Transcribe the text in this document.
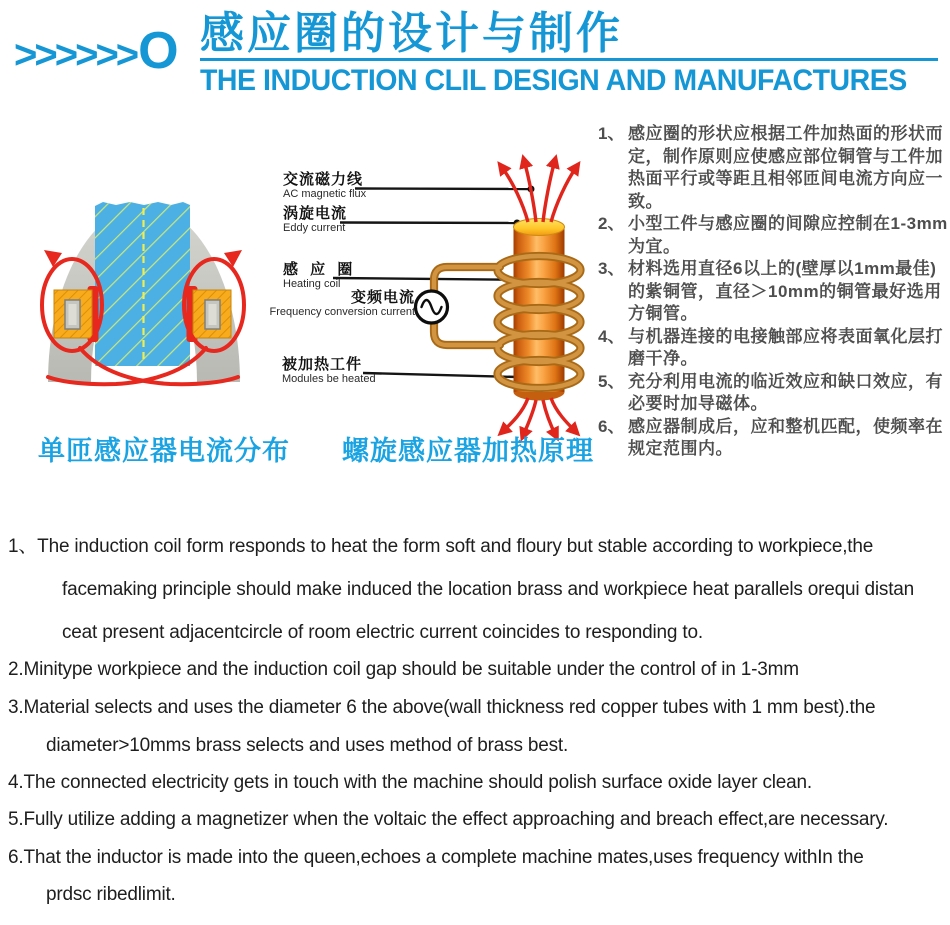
>>>>>> O 感应圈的设计与制作
THE INDUCTION CLIL DESIGN AND MANUFACTURES
交流磁力线
AC magnetic flux
涡旋电流
Eddy current
感 应 圈
Heating coil
变频电流
Frequency conversion current
被加热工件
Modules be heated
单匝感应器电流分布 螺旋感应器加热原理
1、 感应圈的形状应根据工件加热面的形状而定，制作原则应使感应部位铜管与工件加热面平行或等距且相邻匝间电流方向应一致。
2、 小型工件与感应圈的间隙应控制在1-3mm为宜。
3、 材料选用直径6以上的(壁厚以1mm最佳)的紫铜管，直径＞10mm的铜管最好选用方铜管。
4、 与机器连接的电接触部应将表面氧化层打磨干净。
5、 充分利用电流的临近效应和缺口效应，有必要时加导磁体。
6、 感应器制成后，应和整机匹配，使频率在规定范围内。
1、The induction coil form responds to heat the form soft and floury but stable according to workpiece,the
facemaking principle should make induced the location brass and workpiece heat parallels orequi distan
ceat present adjacentcircle of room electric current coincides to responding to.
2.Minitype workpiece and the induction coil gap should be suitable under the control of in 1-3mm
3.Material selects and uses the diameter 6 the above(wall thickness red copper tubes with 1 mm best).the
diameter>10mms brass selects and uses method of brass best.
4.The connected electricity gets in touch with the machine should polish surface oxide layer clean.
5.Fully utilize adding a magnetizer when the voltaic the effect approaching and breach effect,are necessary.
6.That the inductor is made into the queen,echoes a complete machine mates,uses frequency withIn the
prdsc ribedlimit.
